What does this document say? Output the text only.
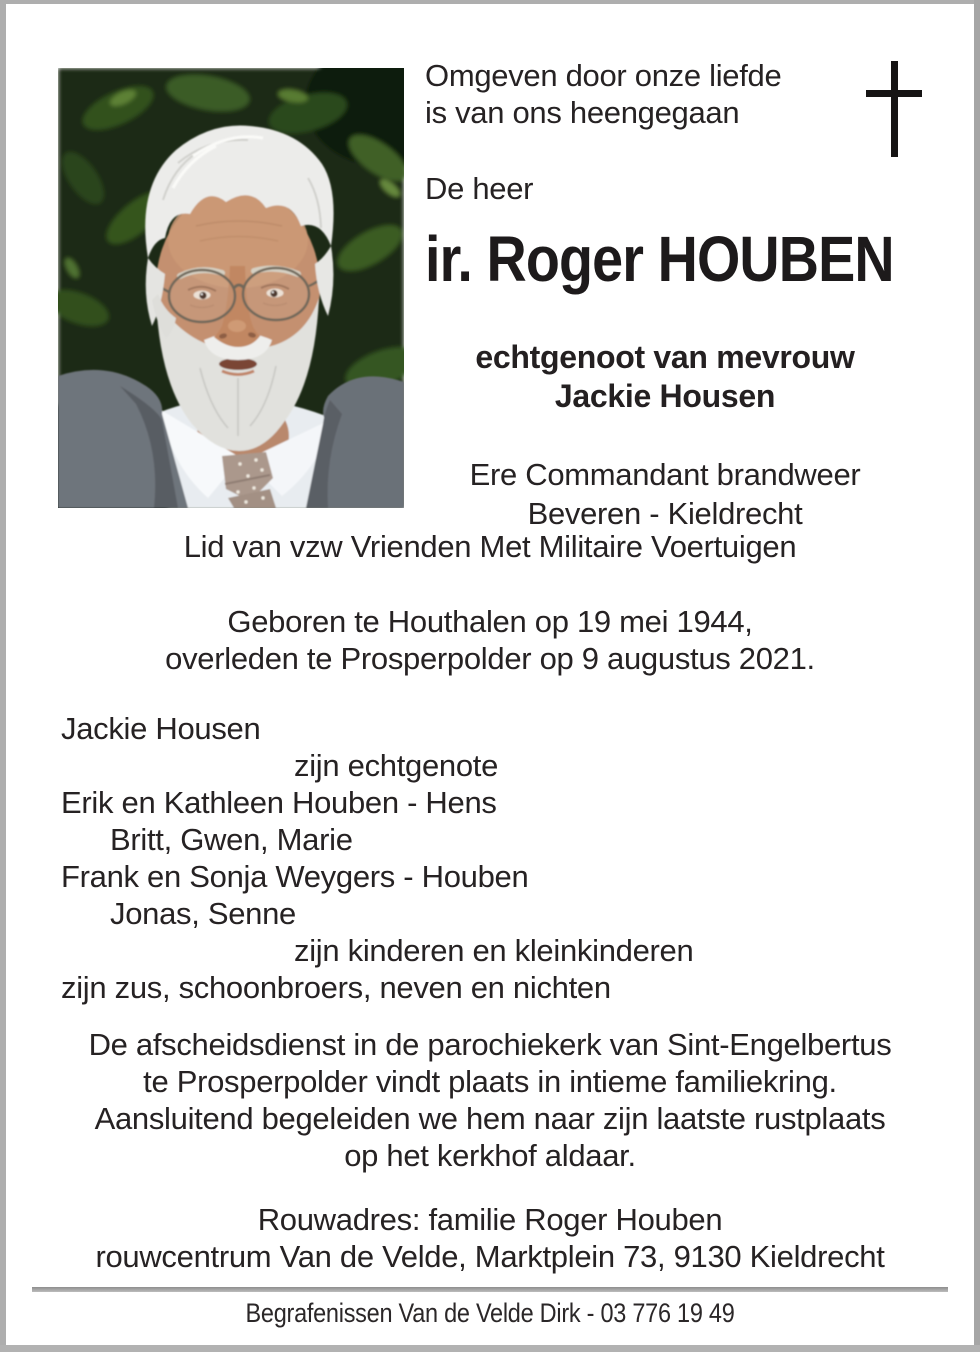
Omgeven door onze liefde
is van ons heengegaan
De heer
ir. Roger HOUBEN
echtgenoot van mevrouw
Jackie Housen
Ere Commandant brandweer
Beveren - Kieldrecht
Lid van vzw Vrienden Met Militaire Voertuigen
Geboren te Houthalen op 19 mei 1944,
overleden te Prosperpolder op 9 augustus 2021.
Jackie Housen
zijn echtgenote
Erik en Kathleen Houben - Hens
Britt, Gwen, Marie
Frank en Sonja Weygers - Houben
Jonas, Senne
zijn kinderen en kleinkinderen
zijn zus, schoonbroers, neven en nichten
De afscheidsdienst in de parochiekerk van Sint-Engelbertus
te Prosperpolder vindt plaats in intieme familiekring.
Aansluitend begeleiden we hem naar zijn laatste rustplaats
op het kerkhof aldaar.
Rouwadres: familie Roger Houben
rouwcentrum Van de Velde, Marktplein 73, 9130 Kieldrecht
Begrafenissen Van de Velde Dirk - 03 776 19 49
